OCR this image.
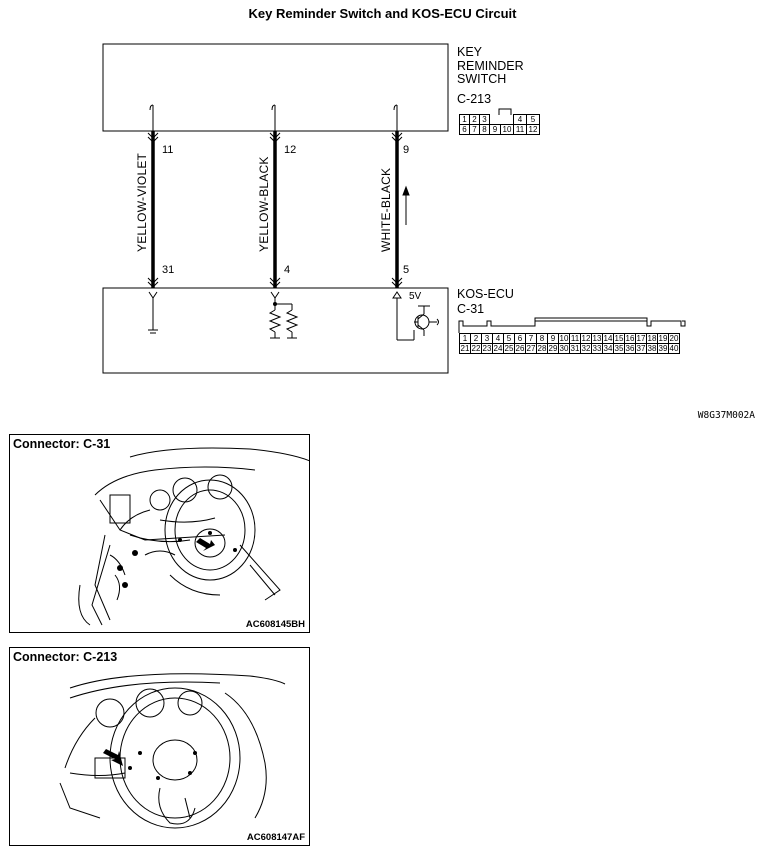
Key Reminder Switch and KOS-ECU Circuit
KEY
REMINDER
SWITCH
C-213
1	2	3			4	5
6	7	8	9	10	11	12
KOS-ECU
C-31
5V
1	2	3	4	5	6	7	8	9	10	11	12	13	14	15	16	17	18	19	20
21	22	23	24	25	26	27	28	29	30	31	32	33	34	35	36	37	38	39	40
11	12	9
31	4	5
YELLOW-VIOLET	YELLOW-BLACK	WHITE-BLACK
W8G37M002A
Connector: C-31
AC608145BH
Connector: C-213
AC608147AF
